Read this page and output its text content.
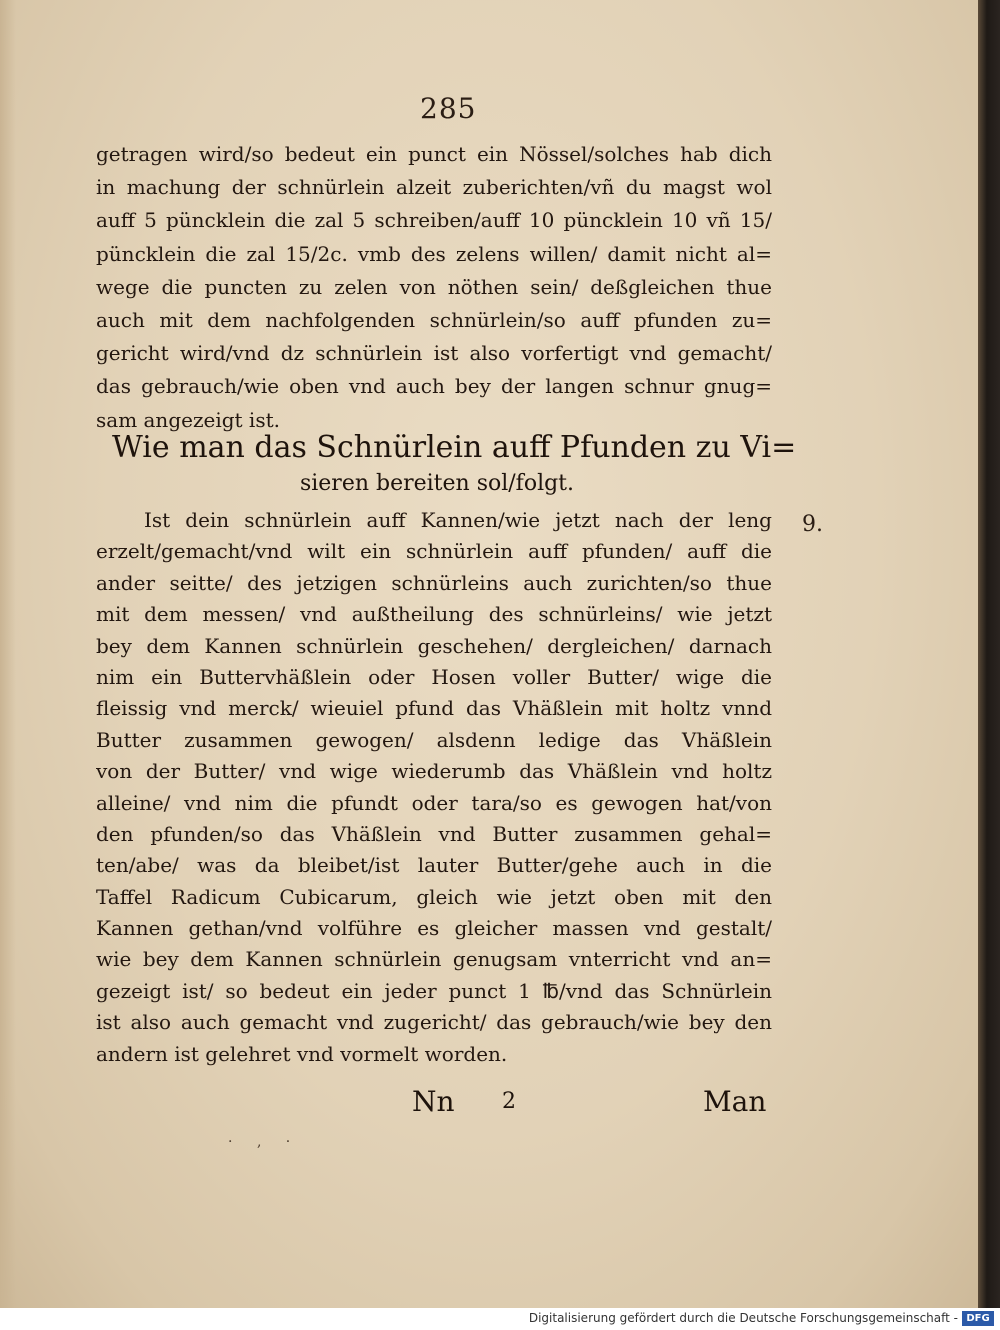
285
getragen wird/so bedeut ein punct ein Nössel/solches hab dich
in machung der schnürlein alzeit zuberichten/vñ du magst wol
auff 5 püncklein die zal 5 schreiben/auff 10 püncklein 10 vñ 15/
püncklein die zal 15/2c. vmb des zelens willen/ damit nicht al=
wege die puncten zu zelen von nöthen sein/ deßgleichen thue
auch mit dem nachfolgenden schnürlein/so auff pfunden zu=
gericht wird/vnd dz schnürlein ist also vorfertigt vnd gemacht/
das gebrauch/wie oben vnd auch bey der langen schnur gnug=
sam angezeigt ist.
Wie man das Schnürlein auff Pfunden zu Vi=
sieren bereiten sol/folgt.
9.
Ist dein schnürlein auff Kannen/wie jetzt nach der leng
erzelt/gemacht/vnd wilt ein schnürlein auff pfunden/ auff die
ander seitte/ des jetzigen schnürleins auch zurichten/so thue
mit dem messen/ vnd außtheilung des schnürleins/ wie jetzt
bey dem Kannen schnürlein geschehen/ dergleichen/ darnach
nim ein Buttervhäßlein oder Hosen voller Butter/ wige die
fleissig vnd merck/ wieuiel pfund das Vhäßlein mit holtz vnnd
Butter zusammen gewogen/ alsdenn ledige das Vhäßlein
von der Butter/ vnd wige wiederumb das Vhäßlein vnd holtz
alleine/ vnd nim die pfundt oder tara/so es gewogen hat/von
den pfunden/so das Vhäßlein vnd Butter zusammen gehal=
ten/abe/ was da bleibet/ist lauter Butter/gehe auch in die
Taffel Radicum Cubicarum, gleich wie jetzt oben mit den
Kannen gethan/vnd volführe es gleicher massen vnd gestalt/
wie bey dem Kannen schnürlein genugsam vnterricht vnd an=
gezeigt ist/ so bedeut ein jeder punct 1 ℔/vnd das Schnürlein
ist also auch gemacht vnd zugericht/ das gebrauch/wie bey den
andern ist gelehret vnd vormelt worden.
Nn 2	Man
· ‚ ·
Digitalisierung gefördert durch die Deutsche Forschungsgemeinschaft - DFG
